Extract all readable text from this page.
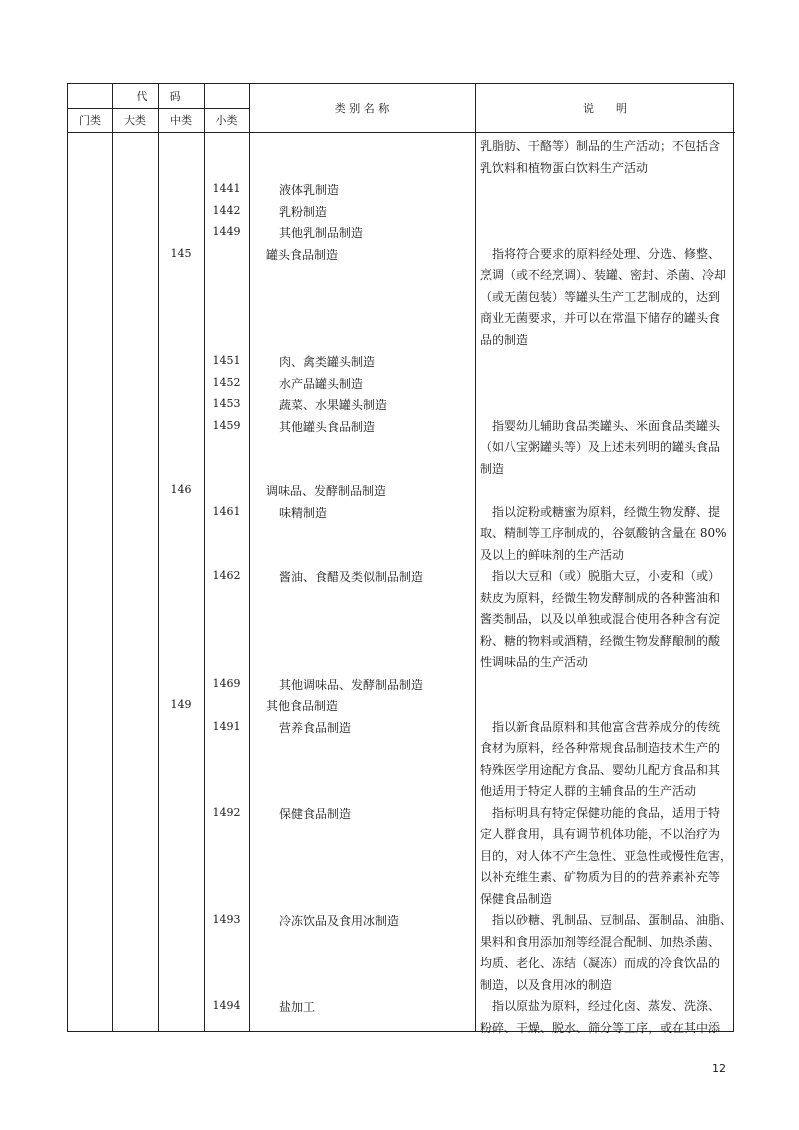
代　　码
门类	大类	中类	小类
类 别 名 称	说　　明
乳脂肪、干酪等）制品的生产活动；不包括含
乳饮料和植物蛋白饮料生产活动
1441	液体乳制造
1442	乳粉制造
1449	其他乳制品制造
145	罐头食品制造	　指将符合要求的原料经处理、分选、修整、
烹调（或不经烹调）、装罐、密封、杀菌、冷却
（或无菌包装）等罐头生产工艺制成的，达到
商业无菌要求，并可以在常温下储存的罐头食
品的制造
1451	肉、禽类罐头制造
1452	水产品罐头制造
1453	蔬菜、水果罐头制造
1459	其他罐头食品制造	　指婴幼儿辅助食品类罐头、米面食品类罐头
（如八宝粥罐头等）及上述未列明的罐头食品
制造
146	调味品、发酵制品制造
1461	味精制造	　指以淀粉或糖蜜为原料，经微生物发酵、提
取、精制等工序制成的，谷氨酸钠含量在 80%
及以上的鲜味剂的生产活动
1462	酱油、食醋及类似制品制造	　指以大豆和（或）脱脂大豆，小麦和（或）
麸皮为原料，经微生物发酵制成的各种酱油和
酱类制品，以及以单独或混合使用各种含有淀
粉、糖的物料或酒精，经微生物发酵酿制的酸
性调味品的生产活动
1469	其他调味品、发酵制品制造
149	其他食品制造
1491	营养食品制造	　指以新食品原料和其他富含营养成分的传统
食材为原料，经各种常规食品制造技术生产的
特殊医学用途配方食品、婴幼儿配方食品和其
他适用于特定人群的主辅食品的生产活动
1492	保健食品制造	　指标明具有特定保健功能的食品，适用于特
定人群食用，具有调节机体功能，不以治疗为
目的，对人体不产生急性、亚急性或慢性危害，
以补充维生素、矿物质为目的的营养素补充等
保健食品制造
1493	冷冻饮品及食用冰制造	　指以砂糖、乳制品、豆制品、蛋制品、油脂、
果料和食用添加剂等经混合配制、加热杀菌、
均质、老化、冻结（凝冻）而成的冷食饮品的
制造，以及食用冰的制造
1494	盐加工	　指以原盐为原料，经过化卤、蒸发、洗涤、
粉碎、干燥、脱水、筛分等工序，或在其中添
12
